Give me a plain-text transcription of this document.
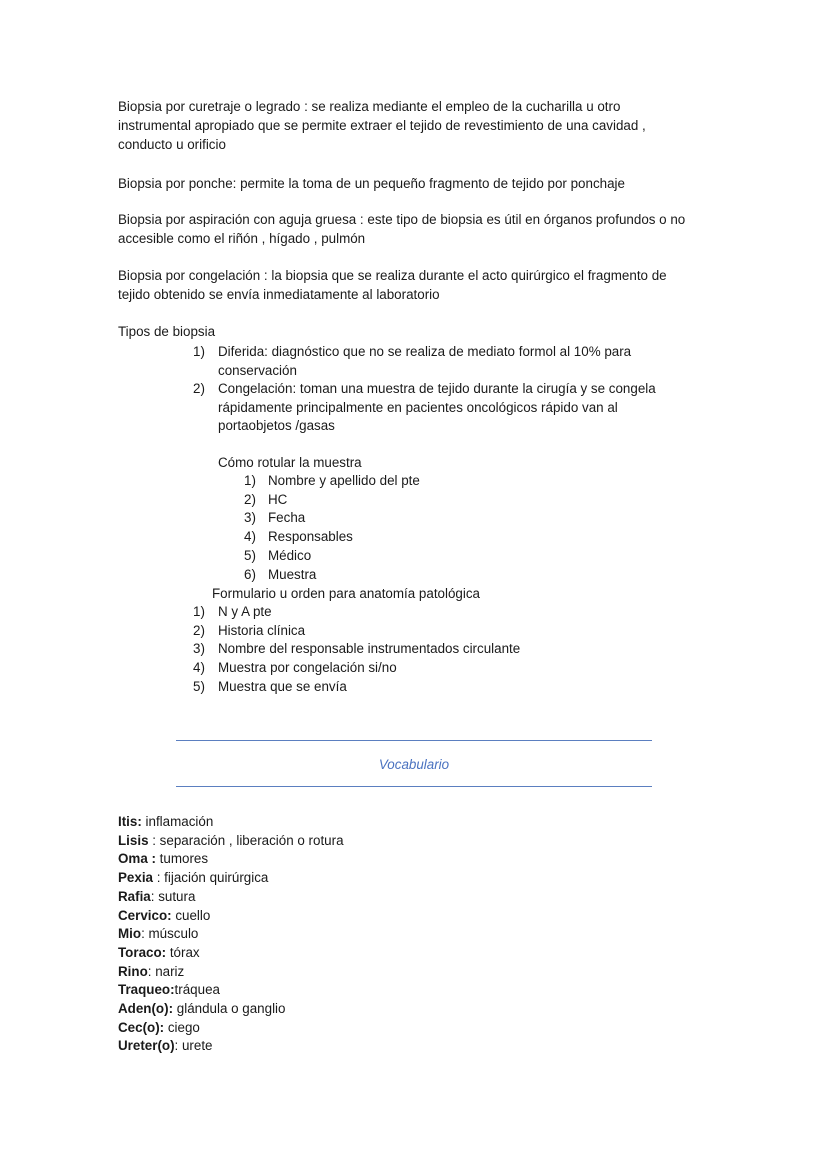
Biopsia por curetraje o legrado : se realiza mediante el empleo de la cucharilla u otro
instrumental apropiado que se permite extraer el tejido de revestimiento de una cavidad ,
conducto u orificio
Biopsia por ponche: permite la toma de un pequeño fragmento de tejido por ponchaje
Biopsia por aspiración con aguja gruesa : este tipo de biopsia es útil en órganos profundos o no
accesible como el riñón , hígado , pulmón
Biopsia por congelación : la biopsia que se realiza durante el acto quirúrgico el fragmento de
tejido obtenido se envía inmediatamente al laboratorio
Tipos de biopsia
1) Diferida: diagnóstico que no se realiza de mediato formol al 10% para
conservación
2) Congelación: toman una muestra de tejido durante la cirugía y se congela
rápidamente principalmente en pacientes oncológicos rápido van al
portaobjetos /gasas
Cómo rotular la muestra
1) Nombre y apellido del pte
2) HC
3) Fecha
4) Responsables
5) Médico
6) Muestra
Formulario u orden para anatomía patológica
1) N y A pte
2) Historia clínica
3) Nombre del responsable instrumentados circulante
4) Muestra por congelación si/no
5) Muestra que se envía
Vocabulario
Itis: inflamación
Lisis : separación , liberación o rotura
Oma : tumores
Pexia : fijación quirúrgica
Rafia: sutura
Cervico: cuello
Mio: músculo
Toraco: tórax
Rino: nariz
Traqueo:tráquea
Aden(o): glándula o ganglio
Cec(o): ciego
Ureter(o): urete
